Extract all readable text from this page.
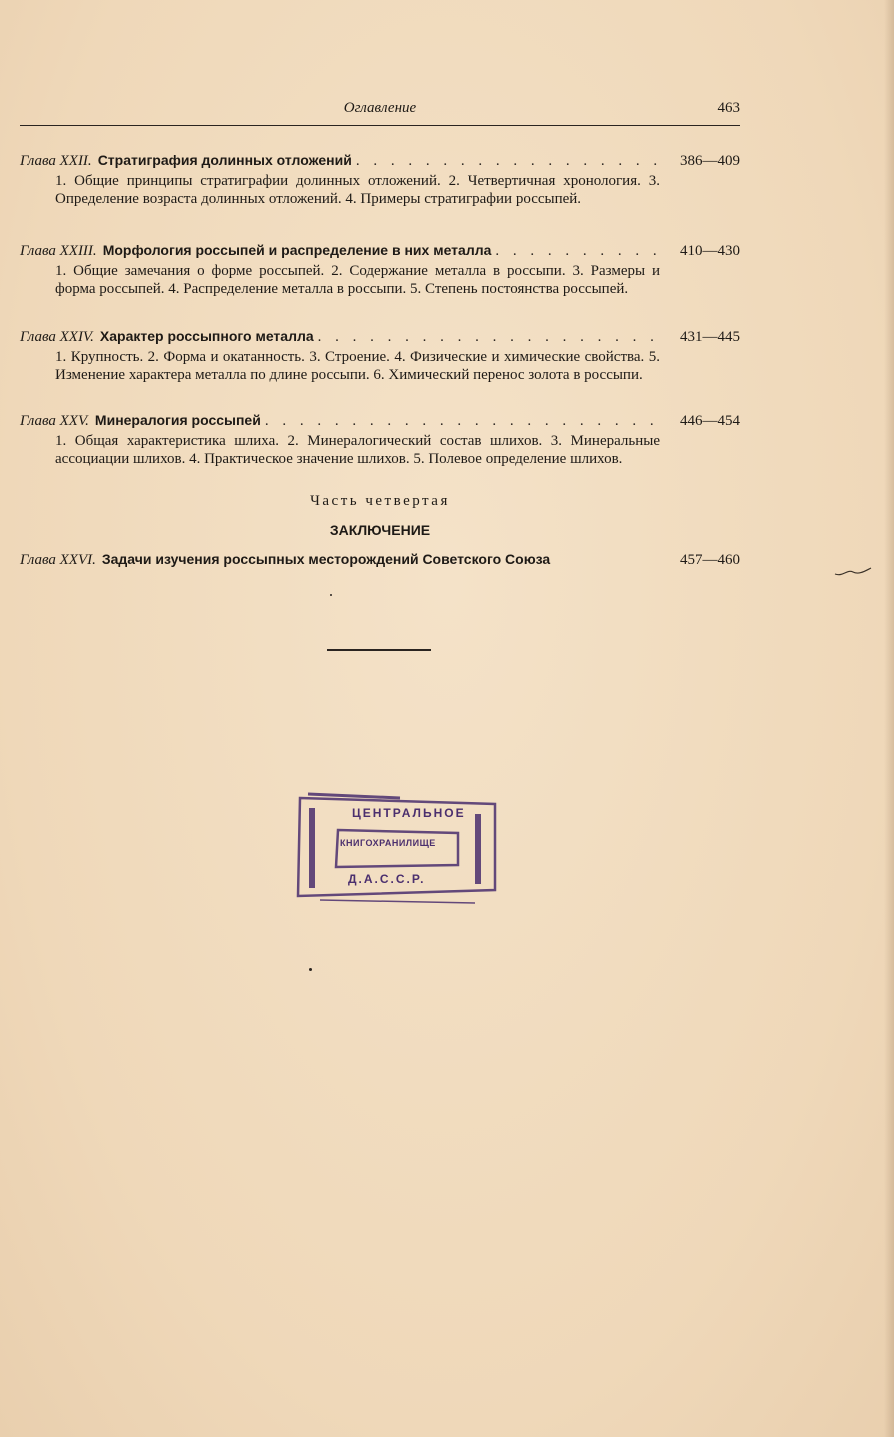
Оглавление	463
Глава XXII. Стратиграфия долинных отложений . . .	386—409
1. Общие принципы стратиграфии долинных отложений. 2. Четвертичная хронология. 3. Определение возраста долинных отложений. 4. Примеры стратиграфии россыпей.
Глава XXIII. Морфология россыпей и распределение в них металла . . .	410—430
1. Общие замечания о форме россыпей. 2. Содержание металла в россыпи. 3. Размеры и форма россыпей. 4. Распределение металла в россыпи. 5. Степень постоянства россыпей.
Глава XXIV. Характер россыпного металла . . .	431—445
1. Крупность. 2. Форма и окатанность. 3. Строение. 4. Физические и химические свойства. 5. Изменение характера металла по длине россыпи. 6. Химический перенос золота в россыпи.
Глава XXV. Минералогия россыпей . . .	446—454
1. Общая характеристика шлиха. 2. Минералогический состав шлихов. 3. Минеральные ассоциации шлихов. 4. Практическое значение шлихов. 5. Полевое определение шлихов.
Часть четвертая
ЗАКЛЮЧЕНИЕ
Глава XXVI. Задачи изучения россыпных месторождений Советского Союза	457—460
ЦЕНТРАЛЬНОЕ
КНИГОХРАНИЛИЩЕ
Д.А.С.С.Р.
